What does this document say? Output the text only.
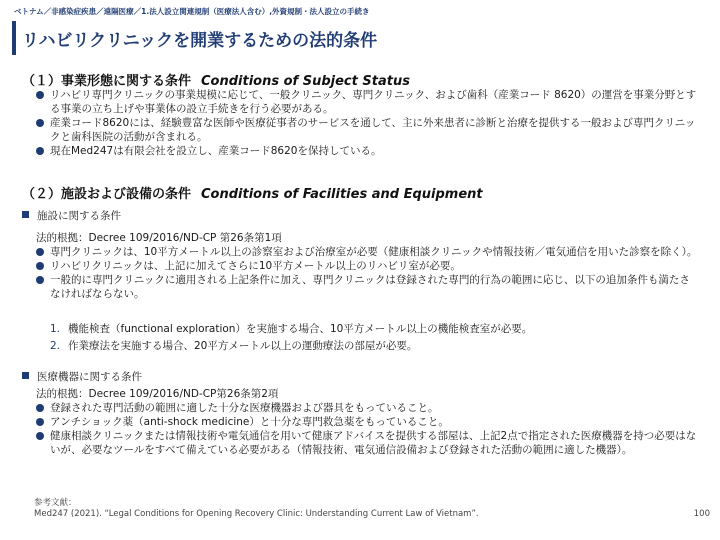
ベトナム／非感染症疾患／遠隔医療／1.法人設立関連規制（医療法人含む）,外資規制・法人設立の手続き
リハビリクリニックを開業するための法的条件
（１）事業形態に関する条件 Conditions of Subject Status
リハビリ専門クリニックの事業規模に応じて、一般クリニック、専門クリニック、および歯科（産業コード 8620）の運営を事業分野とする事業の立ち上げや事業体の設立手続きを行う必要がある。
産業コード8620には、経験豊富な医師や医療従事者のサービスを通して、主に外来患者に診断と治療を提供する一般および専門クリニックと歯科医院の活動が含まれる。
現在Med247は有限会社を設立し、産業コード8620を保持している。
（２）施設および設備の条件 Conditions of Facilities and Equipment
施設に関する条件
法的根拠：Decree 109/2016/ND-CP 第26条第1項
専門クリニックは、10平方メートル以上の診察室および治療室が必要（健康相談クリニックや情報技術／電気通信を用いた診察を除く）。
リハビリクリニックは、上記に加えてさらに10平方メートル以上のリハビリ室が必要。
一般的に専門クリニックに適用される上記条件に加え、専門クリニックは登録された専門的行為の範囲に応じ、以下の追加条件も満たさなければならない。
1. 機能検査（functional exploration）を実施する場合、10平方メートル以上の機能検査室が必要。
2. 作業療法を実施する場合、20平方メートル以上の運動療法の部屋が必要。
医療機器に関する条件
法的根拠：Decree 109/2016/ND-CP第26条第2項
登録された専門活動の範囲に適した十分な医療機器および器具をもっていること。
アンチショック薬（anti-shock medicine）と十分な専門救急薬をもっていること。
健康相談クリニックまたは情報技術や電気通信を用いて健康アドバイスを提供する部屋は、上記2点で指定された医療機器を持つ必要はないが、必要なツールをすべて備えている必要がある（情報技術、電気通信設備および登録された活動の範囲に適した機器）。
参考文献：
Med247 (2021). “Legal Conditions for Opening Recovery Clinic: Understanding Current Law of Vietnam”.	100
